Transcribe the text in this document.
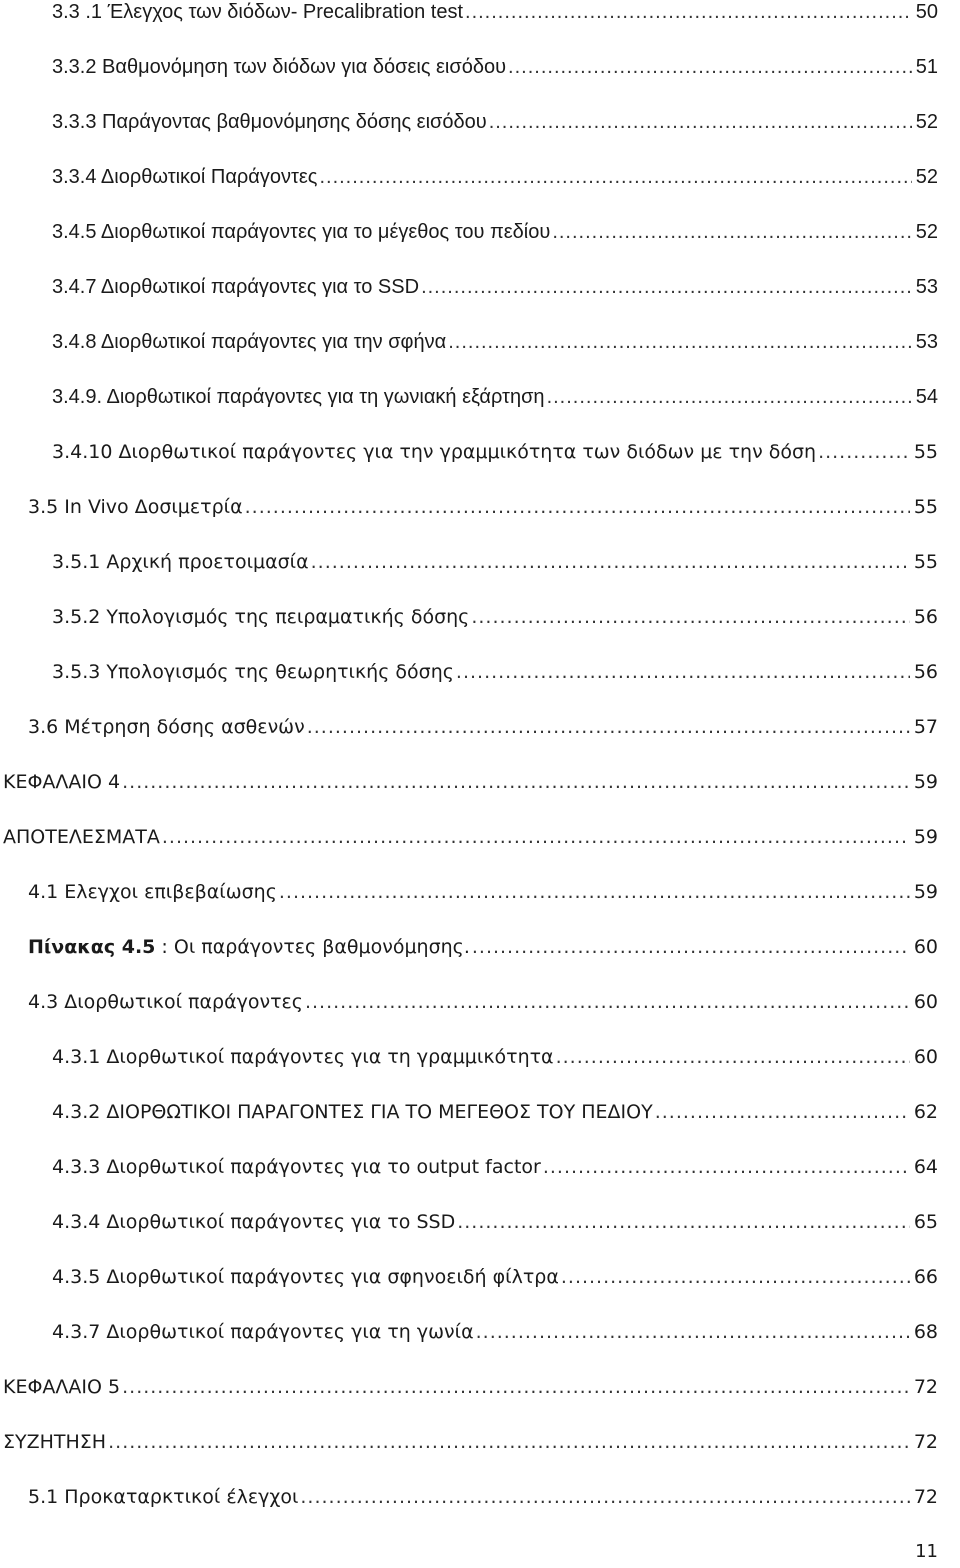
3.3 .1 Έλεγχος των διόδων- Precalibration test .....	50
3.3.2 Βαθμονόμηση των διόδων για δόσεις εισόδου .....	51
3.3.3 Παράγοντας βαθμονόμησης δόσης εισόδου .....	52
3.3.4 Διορθωτικοί Παράγοντες .....	52
3.4.5 Διορθωτικοί παράγοντες για το μέγεθος του πεδίου .....	52
3.4.7 Διορθωτικοί παράγοντες για το SSD .....	53
3.4.8 Διορθωτικοί παράγοντες για την σφήνα .....	53
3.4.9. Διορθωτικοί παράγοντες για τη γωνιακή εξάρτηση .....	54
3.4.10 Διορθωτικοί παράγοντες για την γραμμικότητα των διόδων με την δόση .....	55
3.5 In Vivo Δοσιμετρία .....	55
3.5.1 Αρχική προετοιμασία .....	55
3.5.2 Υπολογισμός της πειραματικής δόσης .....	56
3.5.3 Υπολογισμός της θεωρητικής δόσης .....	56
3.6 Μέτρηση δόσης ασθενών .....	57
ΚΕΦΑΛΑΙΟ 4 .....	59
ΑΠΟΤΕΛΕΣΜΑΤΑ .....	59
4.1 Ελεγχοι επιβεβαίωσης .....	59
Πίνακας 4.5 : Οι παράγοντες βαθμονόμησης. .....	60
4.3 Διορθωτικοί παράγοντες .....	60
4.3.1 Διορθωτικοί παράγοντες για τη γραμμικότητα .....	60
4.3.2 ΔΙΟΡΘΩΤΙΚΟΙ ΠΑΡΑΓΟΝΤΕΣ ΓΙΑ ΤΟ ΜΕΓΕΘΟΣ ΤΟΥ ΠΕΔΙΟΥ .....	62
4.3.3 Διορθωτικοί παράγοντες για το output factor .....	64
4.3.4 Διορθωτικοί παράγοντες για το SSD .....	65
4.3.5 Διορθωτικοί παράγοντες για σφηνοειδή φίλτρα .....	66
4.3.7 Διορθωτικοί παράγοντες για τη γωνία .....	68
ΚΕΦΑΛΑΙΟ 5 .....	72
ΣΥΖΗΤΗΣΗ .....	72
5.1 Προκαταρκτικοί έλεγχοι .....	72
11
